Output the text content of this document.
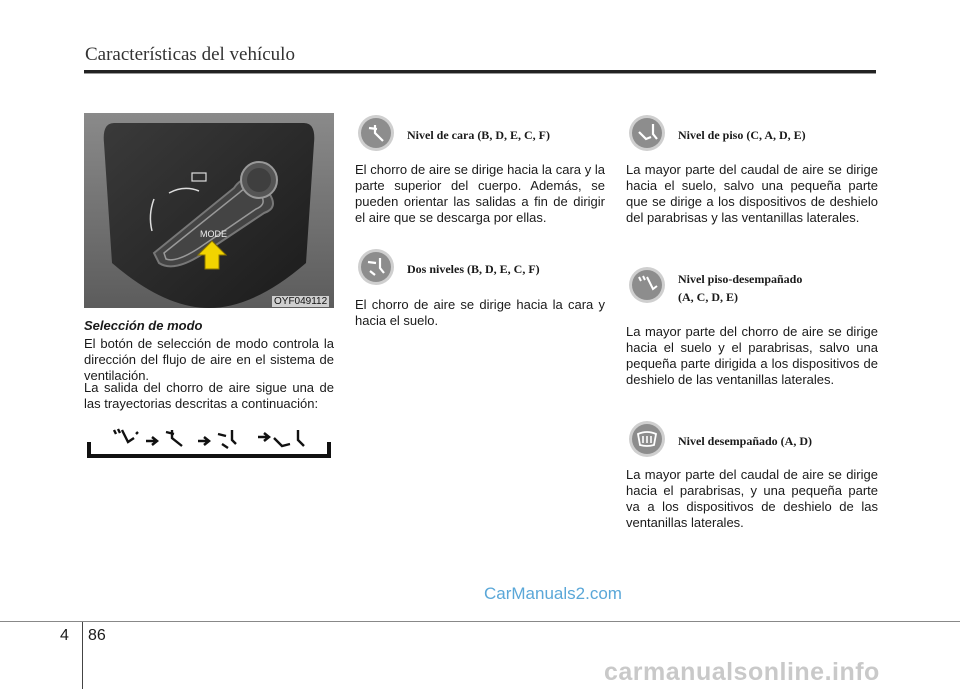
Características del vehículo
MODE
OYF049112
Selección de modo
El botón de selección de modo controla la dirección del flujo de aire en el sistema de ventilación.
La salida del chorro de aire sigue una de las trayectorias descritas a continuación:
Nivel de cara (B, D, E, C, F)
El chorro de aire se dirige hacia la cara y la parte superior del cuerpo. Además, se pueden orientar las salidas a fin de dirigir el aire que se descarga por ellas.
Dos niveles (B, D, E, C, F)
El chorro de aire se dirige hacia la cara y hacia el suelo.
Nivel de piso (C, A, D, E)
La mayor parte del caudal de aire se dirige hacia el suelo, salvo una pequeña parte que se dirige a los dispositivos de deshielo del parabrisas y las ventanillas laterales.
Nivel piso-desempañado
(A, C, D, E)
La mayor parte del chorro de aire se dirige hacia el suelo y el parabrisas, salvo una pequeña parte dirigida a los dispositivos de deshielo de las ventanillas laterales.
Nivel desempañado (A, D)
La mayor parte del caudal de aire se dirige hacia el parabrisas, y una pequeña parte va a los dispositivos de deshielo de las ventanillas laterales.
CarManuals2.com
carmanualsonline.info
4 86
